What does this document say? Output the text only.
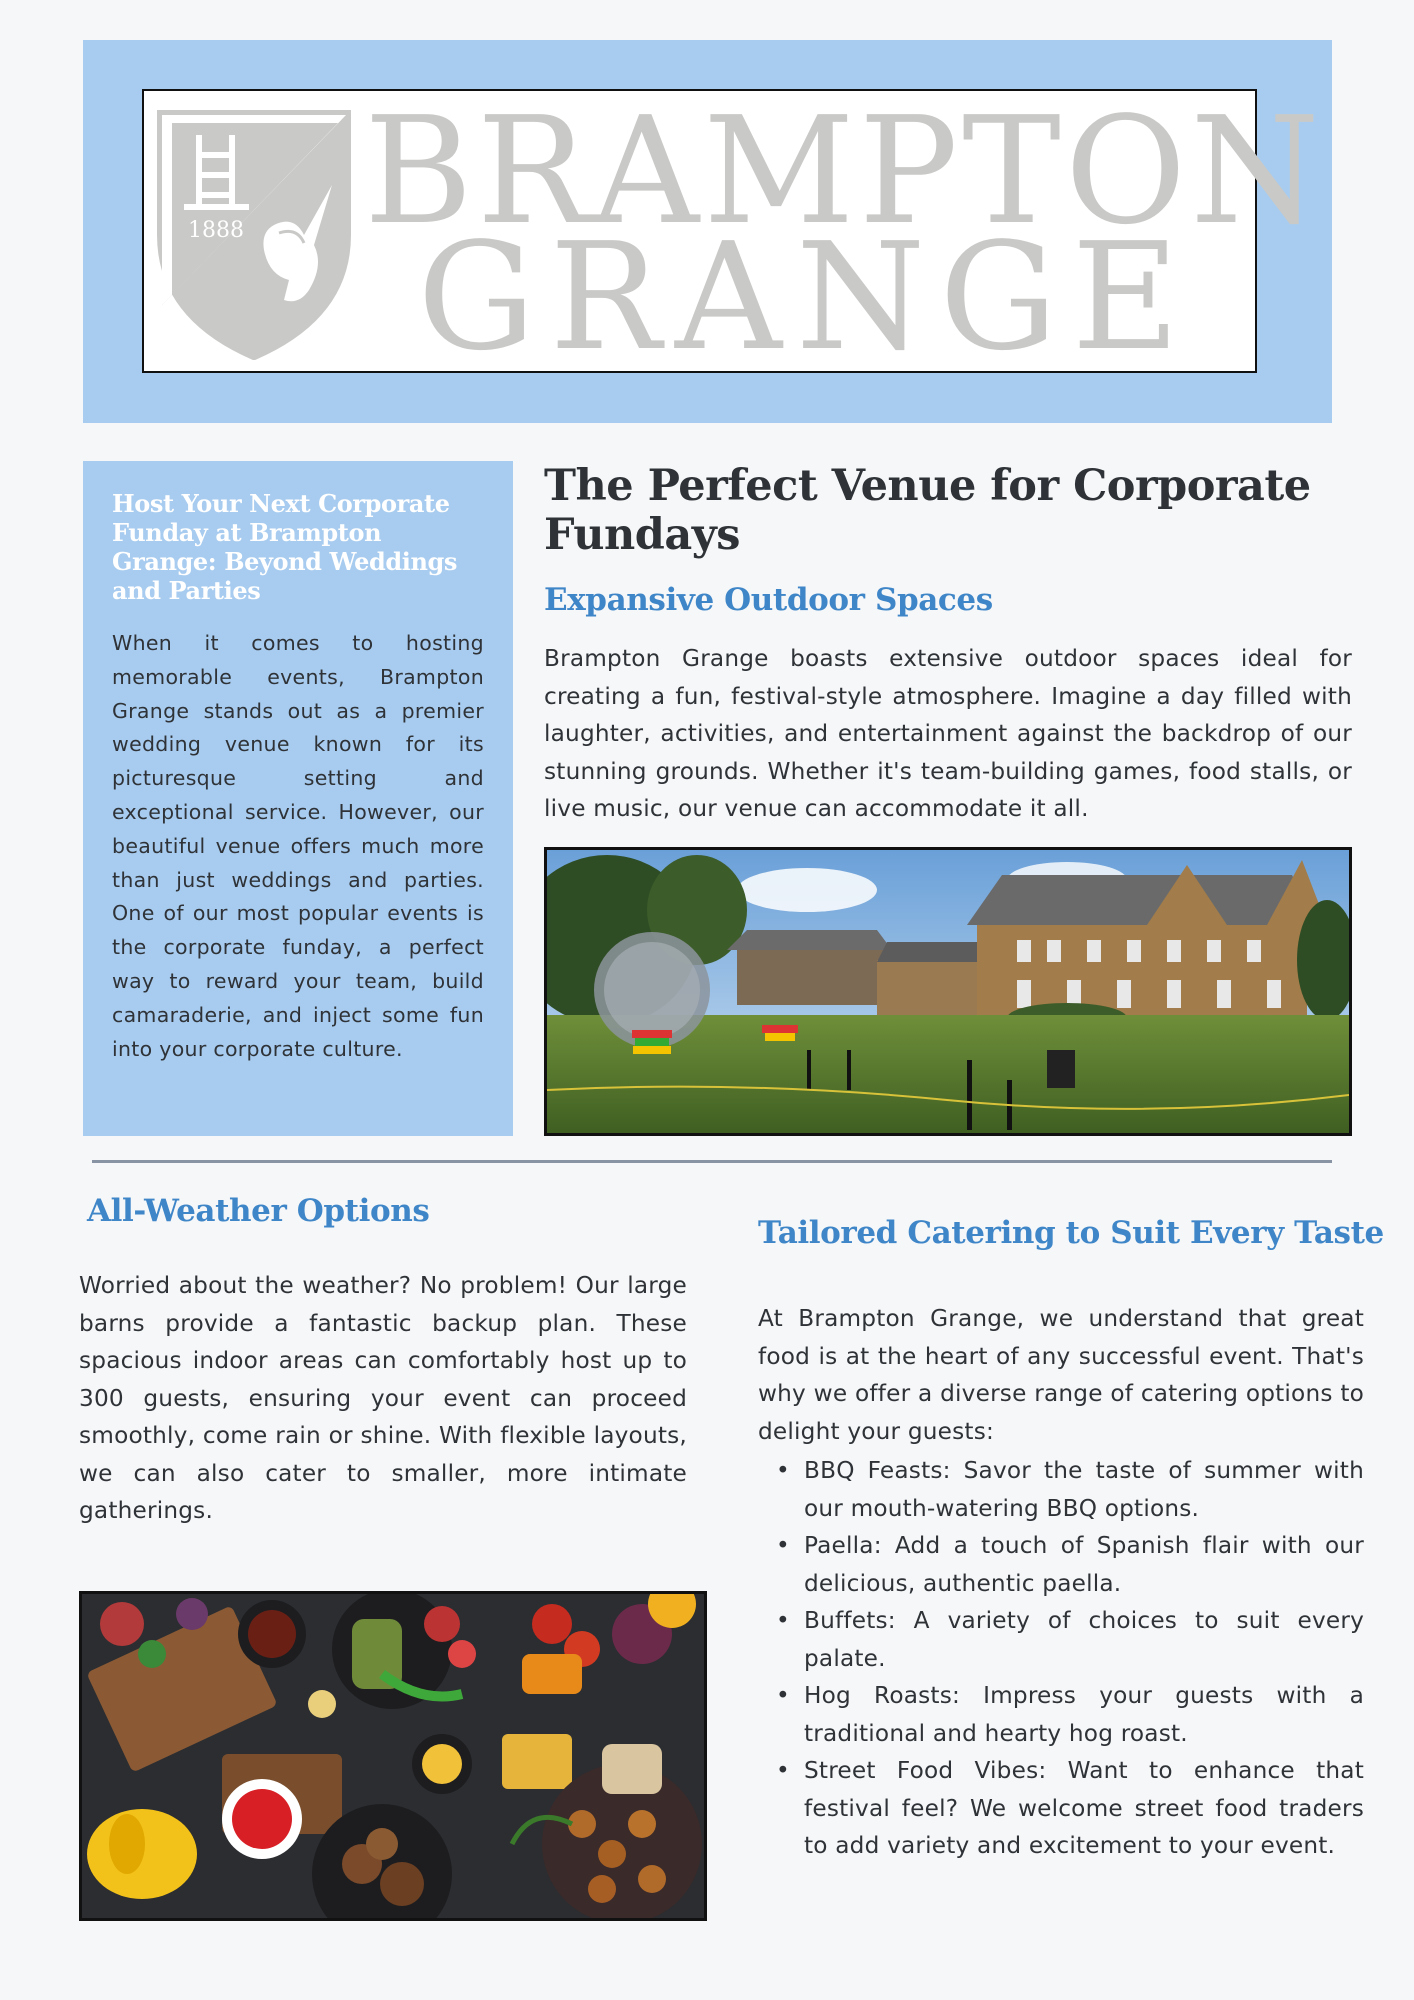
1888 BRAMPTON
GRANGE
Host Your Next Corporate Funday at Brampton Grange: Beyond Weddings and Parties

When it comes to hosting memorable events, Brampton Grange stands out as a premier wedding venue known for its picturesque setting and exceptional service. However, our beautiful venue offers much more than just weddings and parties. One of our most popular events is the corporate funday, a perfect way to reward your team, build camaraderie, and inject some fun into your corporate culture.

The Perfect Venue for Corporate Fundays
Expansive Outdoor Spaces

Brampton Grange boasts extensive outdoor spaces ideal for creating a fun, festival-style atmosphere. Imagine a day filled with laughter, activities, and entertainment against the backdrop of our stunning grounds. Whether it's team-building games, food stalls, or live music, our venue can accommodate it all.

All-Weather Options

Worried about the weather? No problem! Our large barns provide a fantastic backup plan. These spacious indoor areas can comfortably host up to 300 guests, ensuring your event can proceed smoothly, come rain or shine. With flexible layouts, we can also cater to smaller, more intimate gatherings.

Tailored Catering to Suit Every Taste

At Brampton Grange, we understand that great food is at the heart of any successful event. That's why we offer a diverse range of catering options to delight your guests:

• BBQ Feasts: Savor the taste of summer with our mouth-watering BBQ options.
• Paella: Add a touch of Spanish flair with our delicious, authentic paella.
• Buffets: A variety of choices to suit every palate.
• Hog Roasts: Impress your guests with a traditional and hearty hog roast.
• Street Food Vibes: Want to enhance that festival feel? We welcome street food traders to add variety and excitement to your event.
